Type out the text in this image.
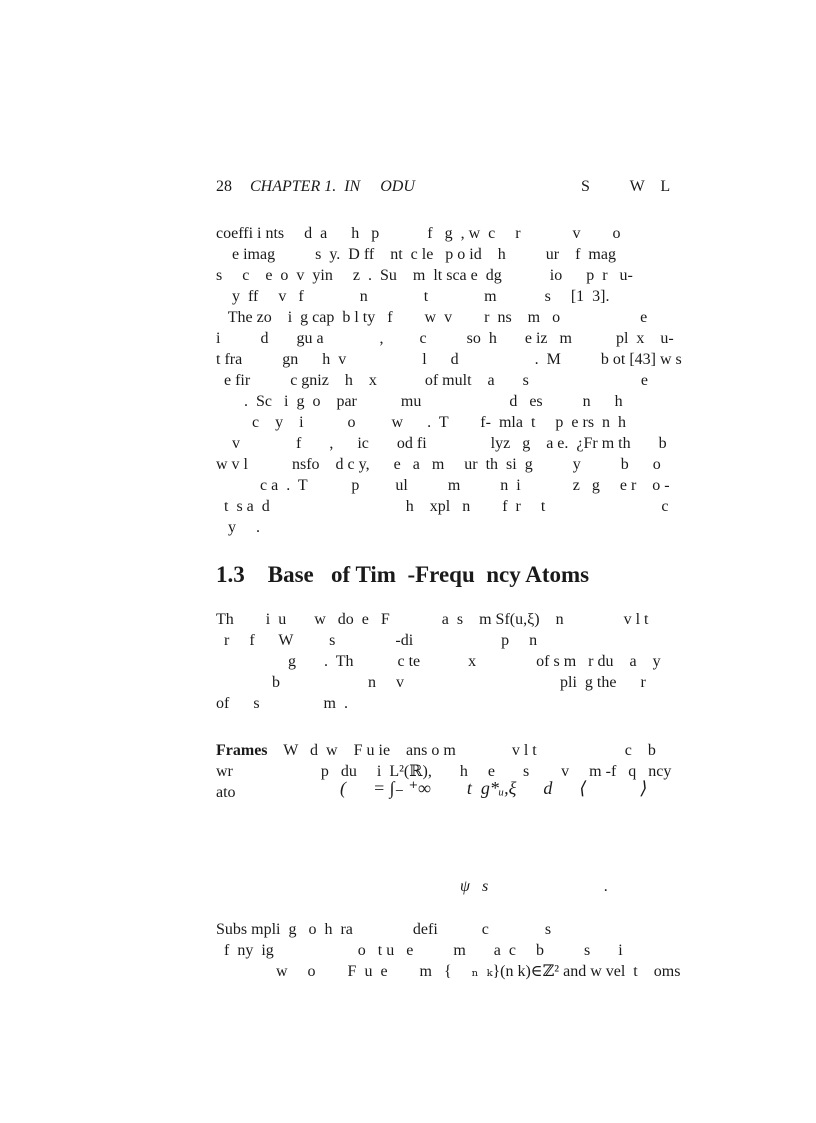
28 CHAPTER 1.  IN     ODU	S          W    L
coeffi i nts     d  a      h   p            f   g  , w  c     r             v        o
e imag          s  y.  D ff    nt  c le   p o id    h          ur    f  mag
s     c    e  o  v  yin     z  .  Su    m  lt sca e  dg            io      p  r   u-
y  ff     v   f              n              t              m            s     [1  3].
The zo    i  g cap  b l ty   f        w  v        r  ns    m   o                    e
i          d       gu a              ,         c          so  h       e iz   m           pl  x    u-
t fra          gn      h  v                   l      d                   .  M          b ot [43] w s
e fir          c gniz    h    x            of mult    a       s                            e
.  Sc   i  g  o    par           mu                      d   es          n      h
c    y    i           o         w      .  T        f-  mla  t     p  e rs  n  h
v              f       ,      ic       od fi                lyz   g    a e.  ¿Fr m th       b
w v l           nsfo    d c y,      e   a   m     ur  th  si  g          y          b      o
c a  .  T           p         ul          m          n  i             z   g     e r    o -
t  s a  d                                  h    xpl   n        f  r     t                             c
y     .
1.3    Base   of Tim  -Frequ  ncy Atoms
Th        i  u       w   do  e   F             a  s    m Sf(u,ξ)    n               v l t
r     f      W         s               -di                      p     n
g       .  Th           c te            x               of s m   r du    a    y
b                      n     v                                       pli  g the      r
of      s                m  .
Frames    W   d  w    F u ie    ans o m              v l t                      c    b
wr                      p   du     i  L²(ℝ),       h     e       s        v     m -f   q   ncy
ato	(      = ∫₋ ⁺∞        t  g*ᵤ,ξ      d      ⟨            ⟩
ψ   s                             .
Subs mpli  g   o  h  ra               defi           c              s
f  ny  ig                     o   t u   e          m       a  c     b          s       i
w     o        F  u  e        m   {     ₙ  ₖ}(n k)∈ℤ² and w vel  t    oms
